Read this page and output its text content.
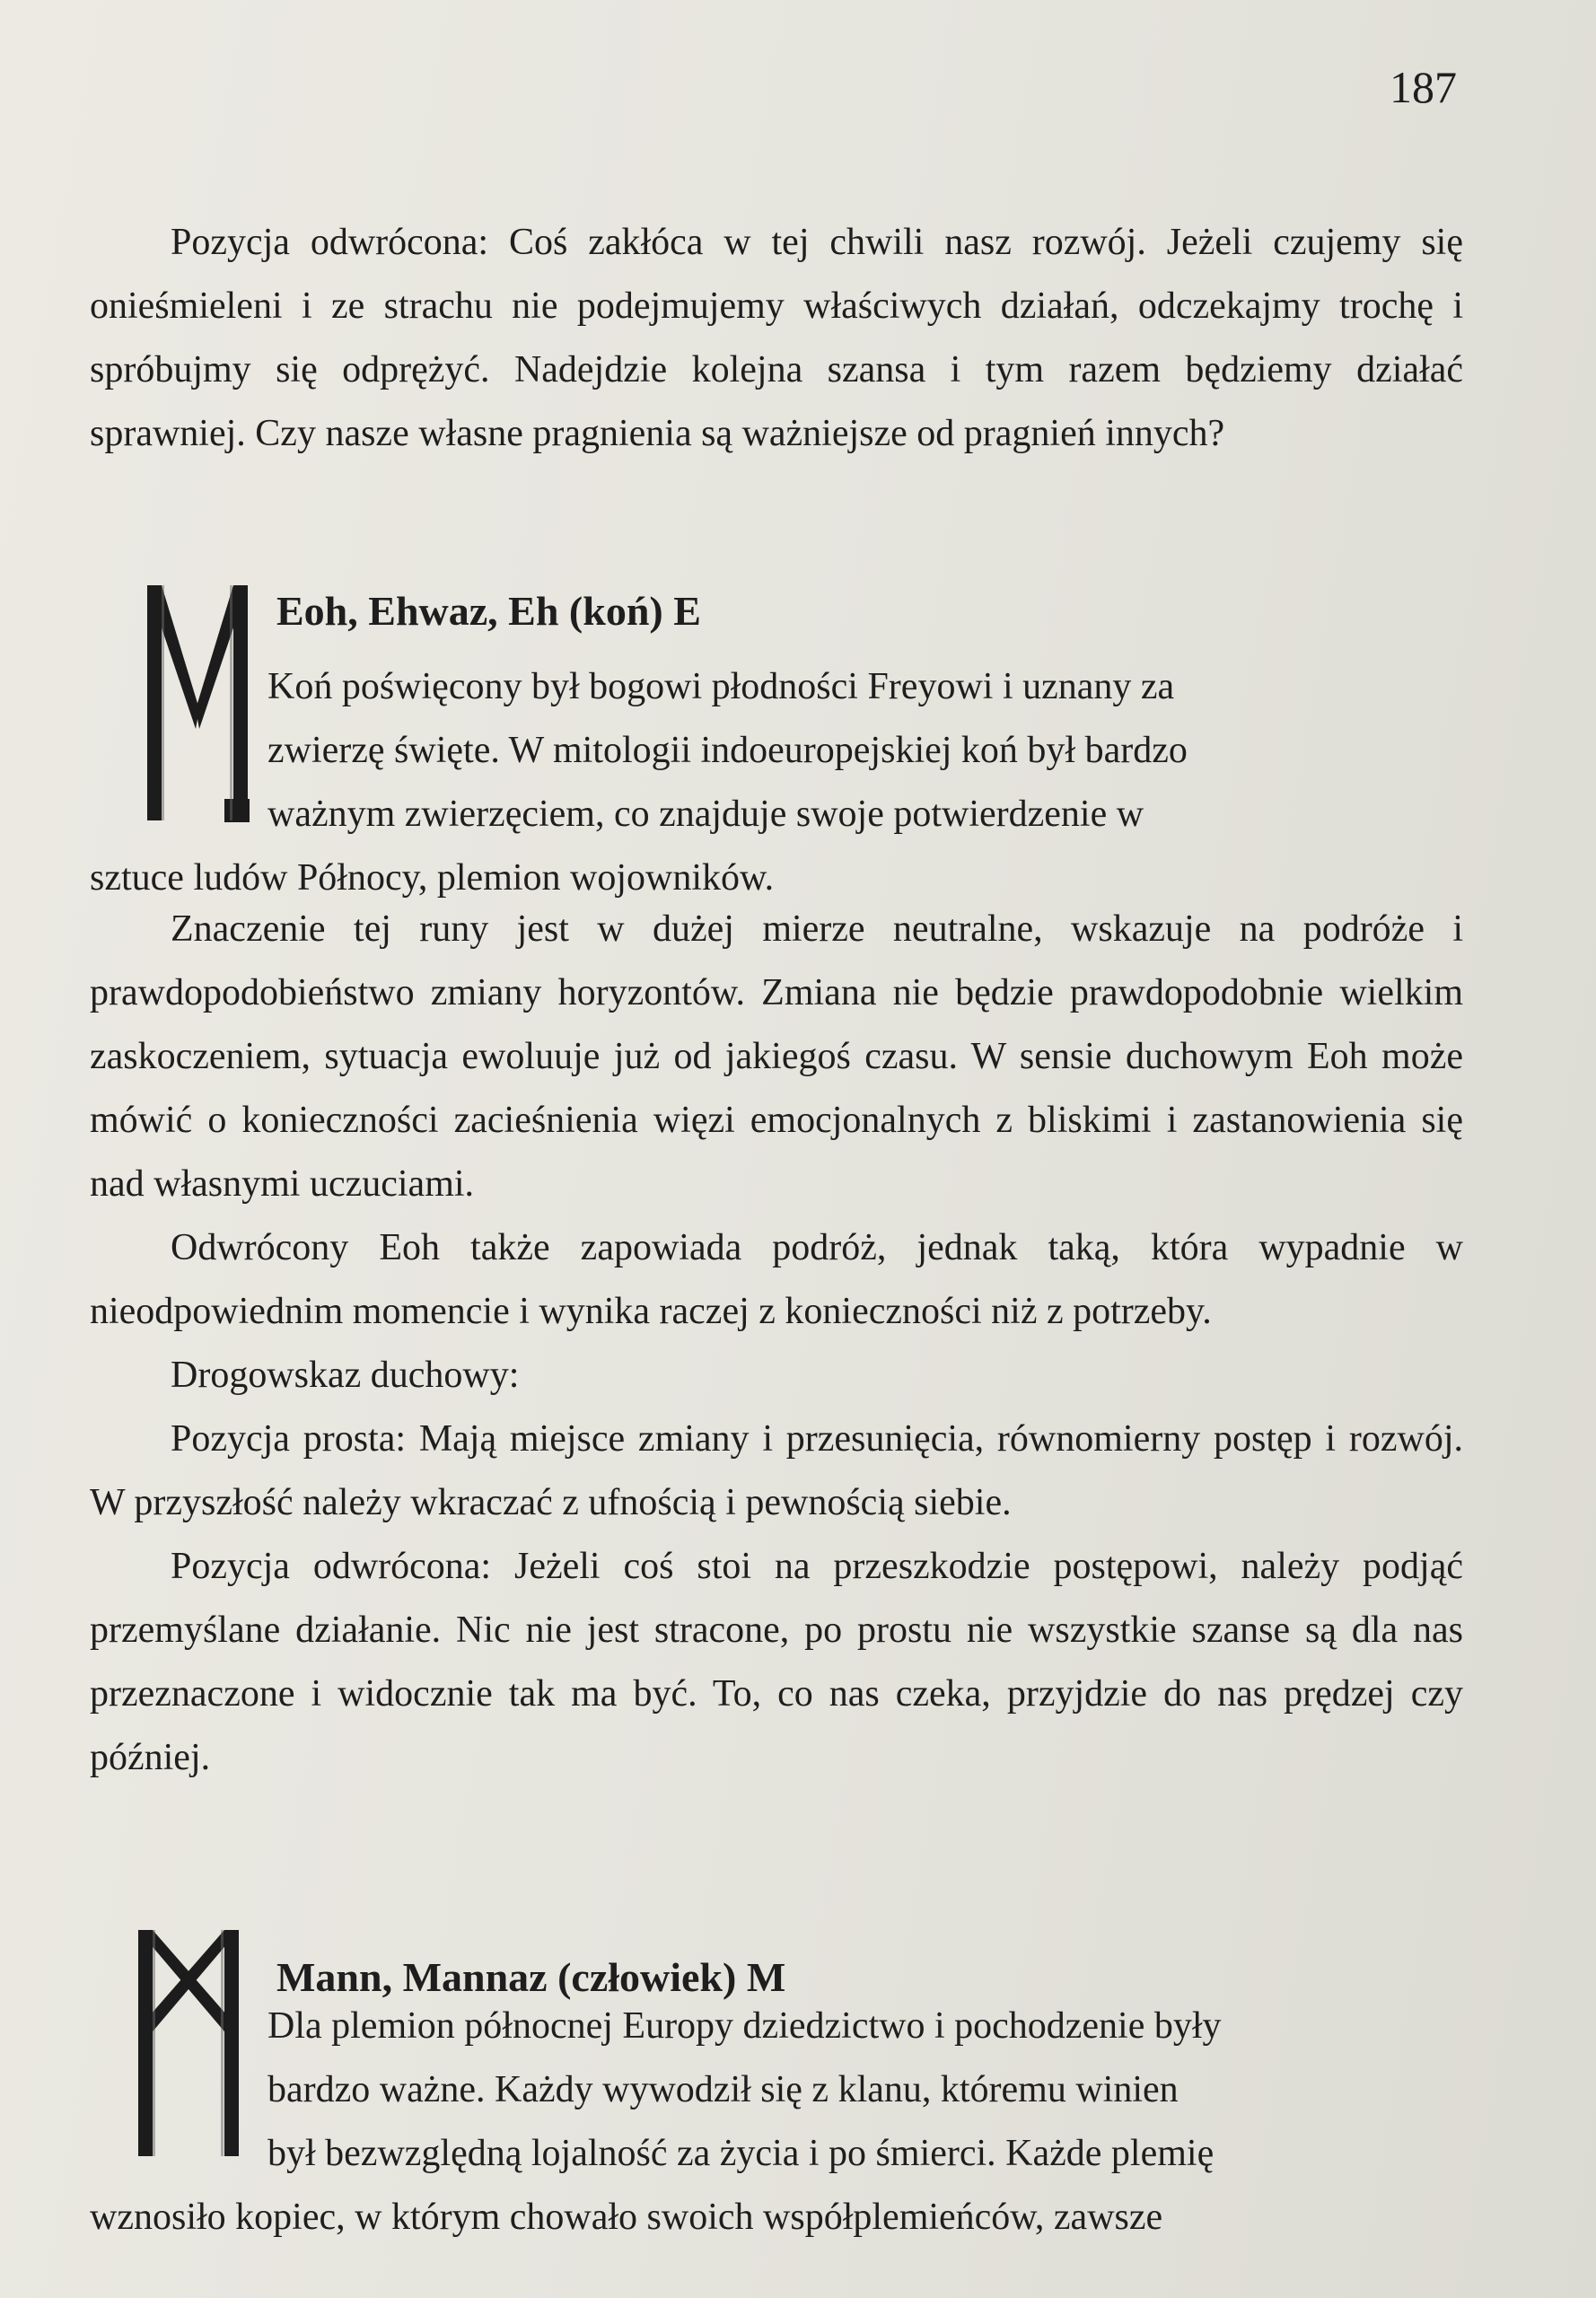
187

Pozycja odwrócona: Coś zakłóca w tej chwili nasz rozwój. Jeżeli czujemy się onieśmieleni i ze strachu nie podejmujemy właściwych działań, odczekajmy trochę i spróbujmy się odprężyć. Nadejdzie kolejna szansa i tym razem będziemy działać sprawniej. Czy nasze własne pragnienia są ważniejsze od pragnień innych?

Eoh, Ehwaz, Eh (koń) E

Koń poświęcony był bogowi płodności Freyowi i uznany za

zwierzę święte. W mitologii indoeuropejskiej koń był bardzo

ważnym zwierzęciem, co znajduje swoje potwierdzenie w

sztuce ludów Północy, plemion wojowników.

Znaczenie tej runy jest w dużej mierze neutralne, wskazuje na podróże i prawdopodobieństwo zmiany horyzontów. Zmiana nie będzie prawdopodobnie wielkim zaskoczeniem, sytuacja ewoluuje już od jakiegoś czasu. W sensie duchowym Eoh może mówić o konieczności zacieśnienia więzi emocjonalnych z bliskimi i zastanowienia się nad własnymi uczuciami.

Odwrócony Eoh także zapowiada podróż, jednak taką, która wypadnie w nieodpowiednim momencie i wynika raczej z konieczności niż z potrzeby.

Drogowskaz duchowy:

Pozycja prosta: Mają miejsce zmiany i przesunięcia, równomierny postęp i rozwój. W przyszłość należy wkraczać z ufnością i pewnością siebie.

Pozycja odwrócona: Jeżeli coś stoi na przeszkodzie postępowi, należy podjąć przemyślane działanie. Nic nie jest stracone, po prostu nie wszystkie szanse są dla nas przeznaczone i widocznie tak ma być. To, co nas czeka, przyjdzie do nas prędzej czy później.

Mann, Mannaz (człowiek) M

Dla plemion północnej Europy dziedzictwo i pochodzenie były

bardzo ważne. Każdy wywodził się z klanu, któremu winien

był bezwzględną lojalność za życia i po śmierci. Każde plemię

wznosiło kopiec, w którym chowało swoich współplemieńców, zawsze
